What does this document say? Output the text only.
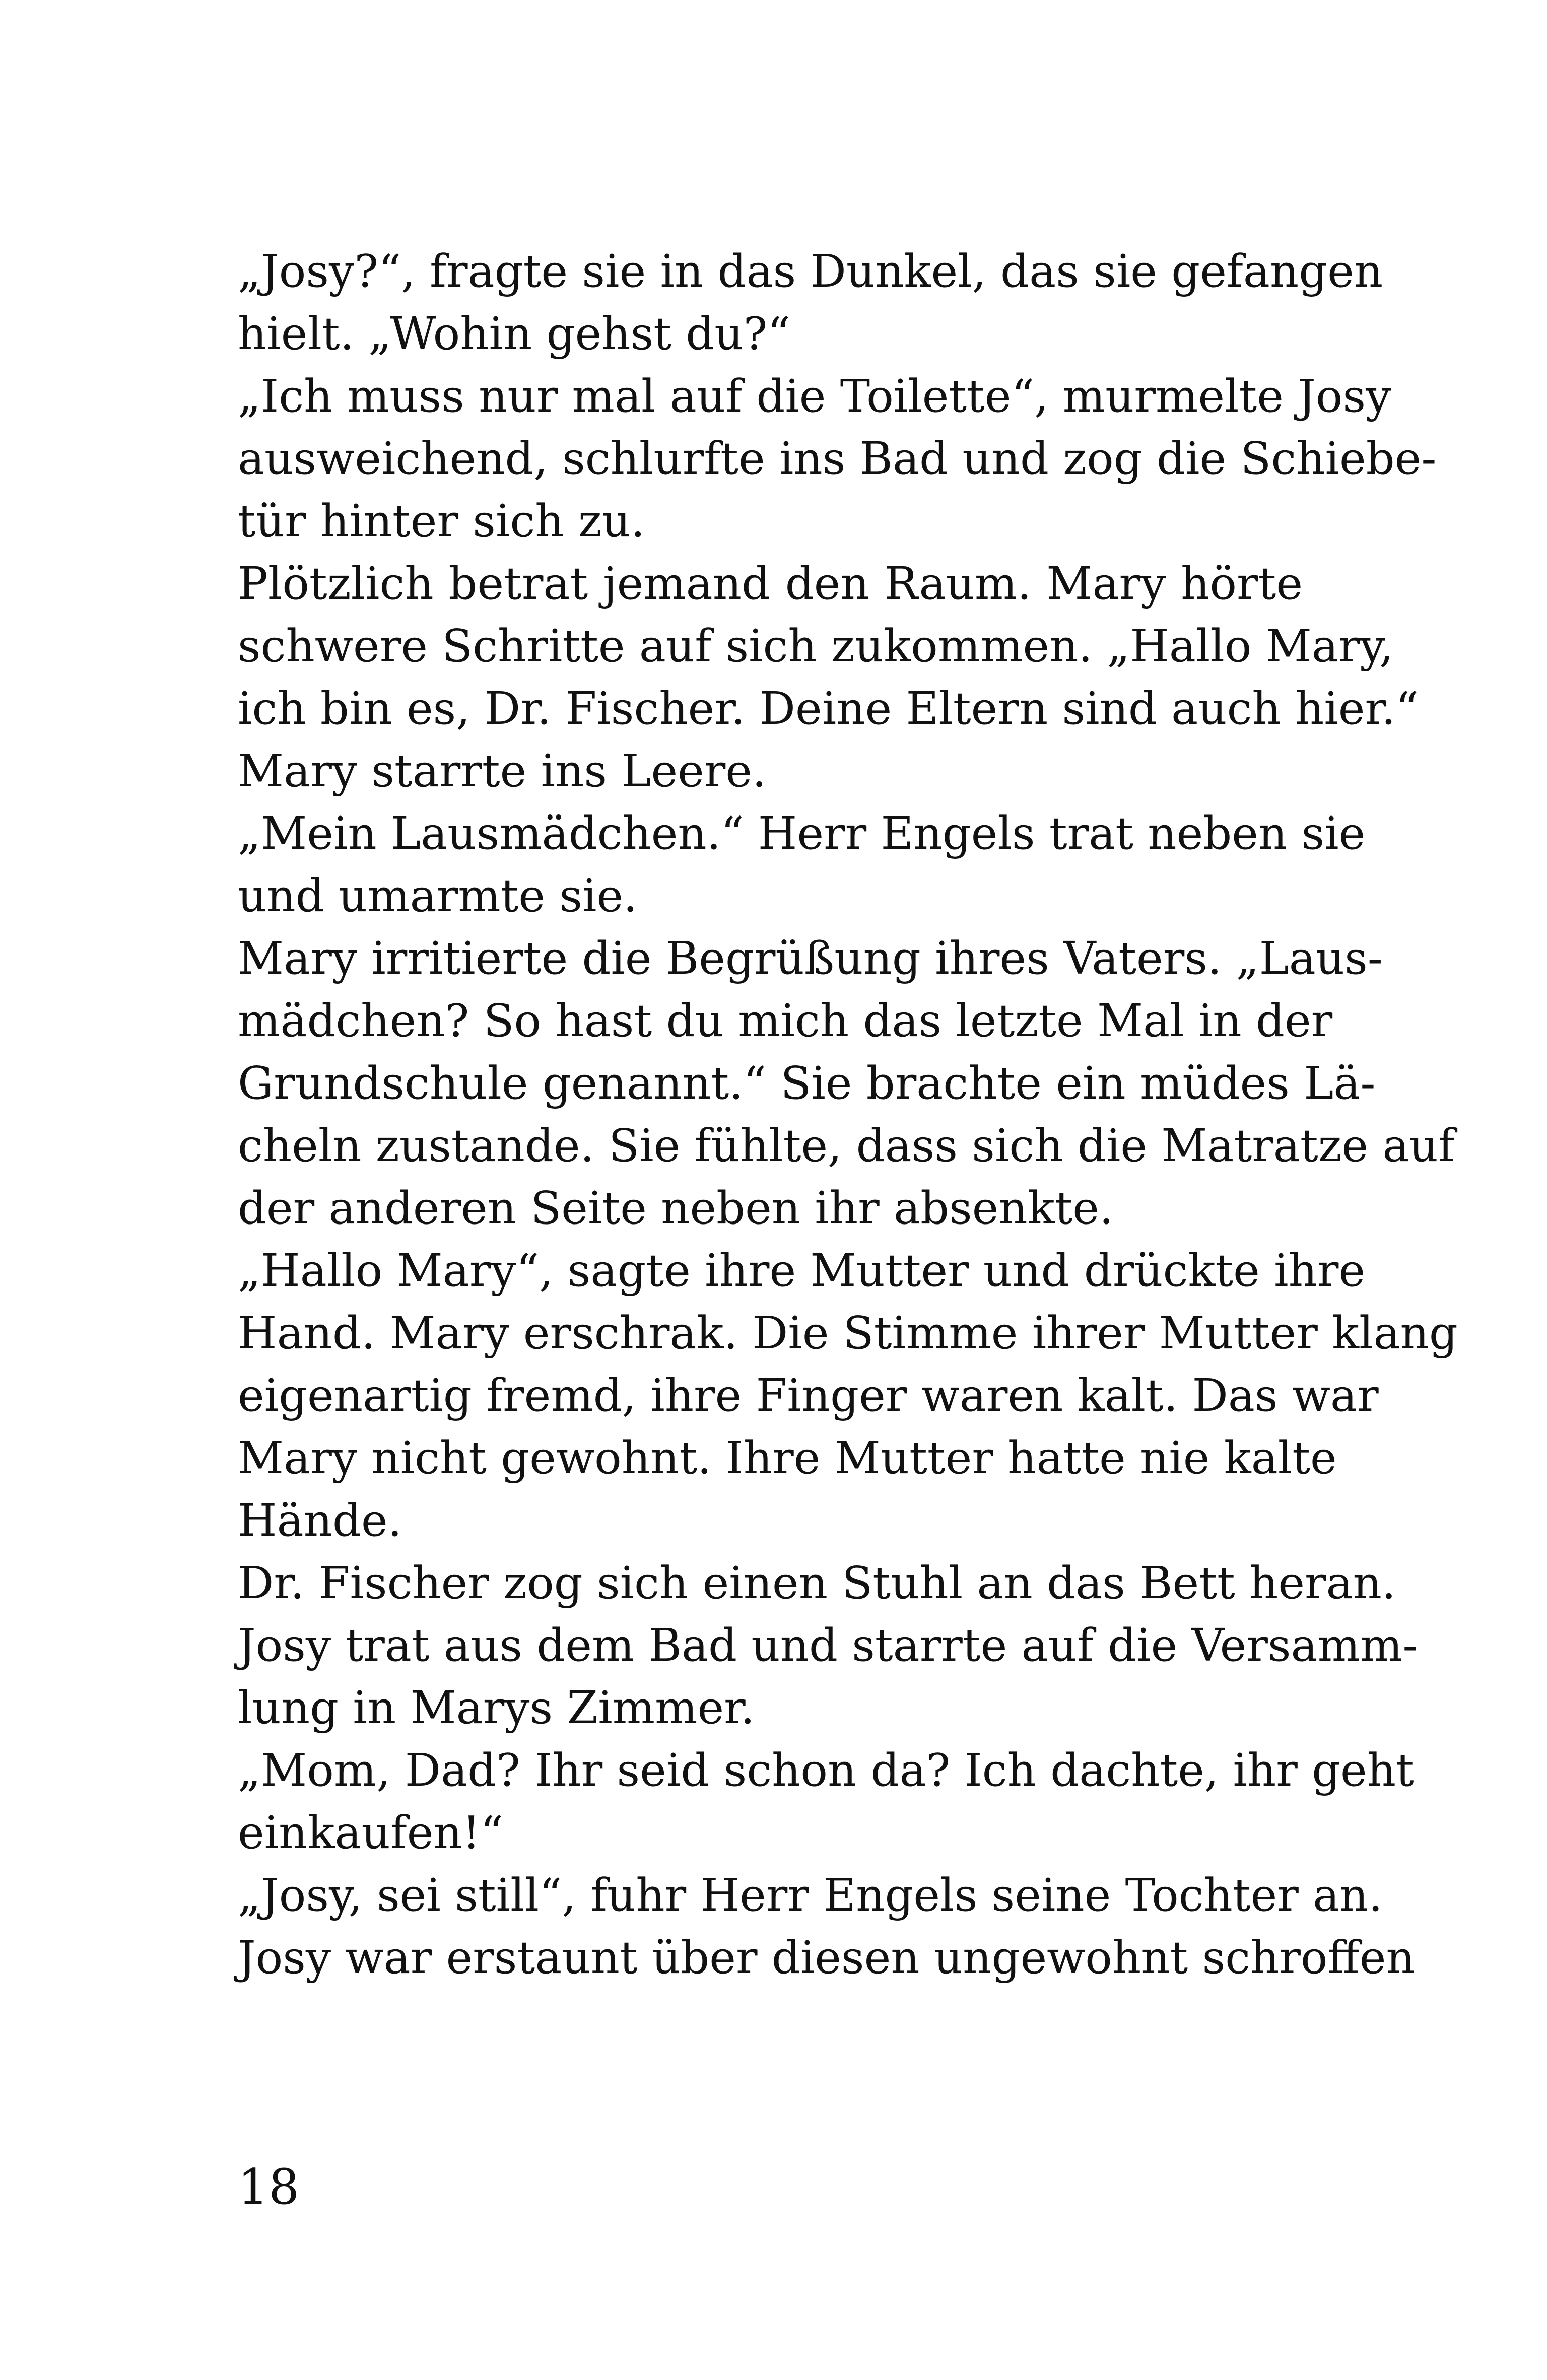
„Josy?“, fragte sie in das Dunkel, das sie gefangen
hielt. „Wohin gehst du?“
„Ich muss nur mal auf die Toilette“, murmelte Josy
ausweichend, schlurfte ins Bad und zog die Schiebe-
tür hinter sich zu.
Plötzlich betrat jemand den Raum. Mary hörte
schwere Schritte auf sich zukommen. „Hallo Mary,
ich bin es, Dr. Fischer. Deine Eltern sind auch hier.“
Mary starrte ins Leere.
„Mein Lausmädchen.“ Herr Engels trat neben sie
und umarmte sie.
Mary irritierte die Begrüßung ihres Vaters. „Laus-
mädchen? So hast du mich das letzte Mal in der
Grundschule genannt.“ Sie brachte ein müdes Lä-
cheln zustande. Sie fühlte, dass sich die Matratze auf
der anderen Seite neben ihr absenkte.
„Hallo Mary“, sagte ihre Mutter und drückte ihre
Hand. Mary erschrak. Die Stimme ihrer Mutter klang
eigenartig fremd, ihre Finger waren kalt. Das war
Mary nicht gewohnt. Ihre Mutter hatte nie kalte
Hände.
Dr. Fischer zog sich einen Stuhl an das Bett heran.
Josy trat aus dem Bad und starrte auf die Versamm-
lung in Marys Zimmer.
„Mom, Dad? Ihr seid schon da? Ich dachte, ihr geht
einkaufen!“
„Josy, sei still“, fuhr Herr Engels seine Tochter an.
Josy war erstaunt über diesen ungewohnt schroffen
18
